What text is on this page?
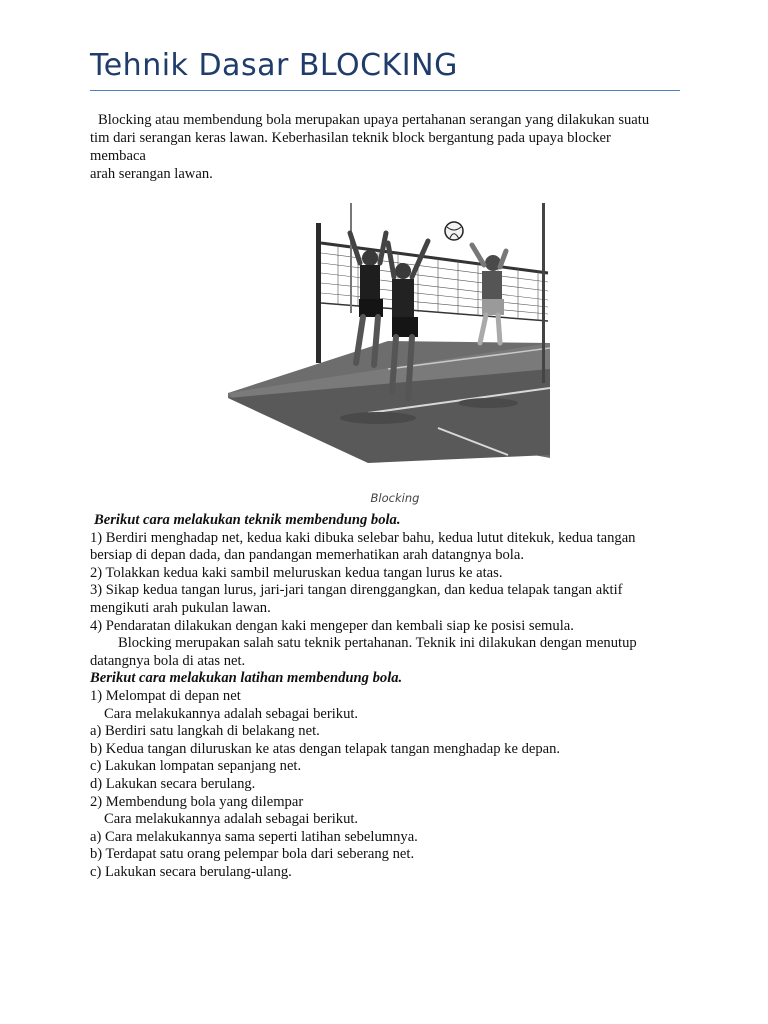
Tehnik Dasar BLOCKING

Blocking atau membendung bola merupakan upaya pertahanan serangan yang dilakukan suatu

tim dari serangan keras lawan. Keberhasilan teknik block bergantung pada upaya blocker

membaca

arah serangan lawan.

Blocking

Berikut cara melakukan teknik membendung bola.

1) Berdiri menghadap net, kedua kaki dibuka selebar bahu, kedua lutut ditekuk, kedua tangan

bersiap di depan dada, dan pandangan memerhatikan arah datangnya bola.

2) Tolakkan kedua kaki sambil meluruskan kedua tangan lurus ke atas.

3) Sikap kedua tangan lurus, jari-jari tangan direnggangkan, dan kedua telapak tangan aktif

mengikuti arah pukulan lawan.

4) Pendaratan dilakukan dengan kaki mengeper dan kembali siap ke posisi semula.

Blocking merupakan salah satu teknik pertahanan. Teknik ini dilakukan dengan menutup

datangnya bola di atas net.

Berikut cara melakukan latihan membendung bola.

1) Melompat di depan net

Cara melakukannya adalah sebagai berikut.

a) Berdiri satu langkah di belakang net.

b) Kedua tangan diluruskan ke atas dengan telapak tangan menghadap ke depan.

c) Lakukan lompatan sepanjang net.

d) Lakukan secara berulang.

2) Membendung bola yang dilempar

Cara melakukannya adalah sebagai berikut.

a) Cara melakukannya sama seperti latihan sebelumnya.

b) Terdapat satu orang pelempar bola dari seberang net.

c) Lakukan secara berulang-ulang.
